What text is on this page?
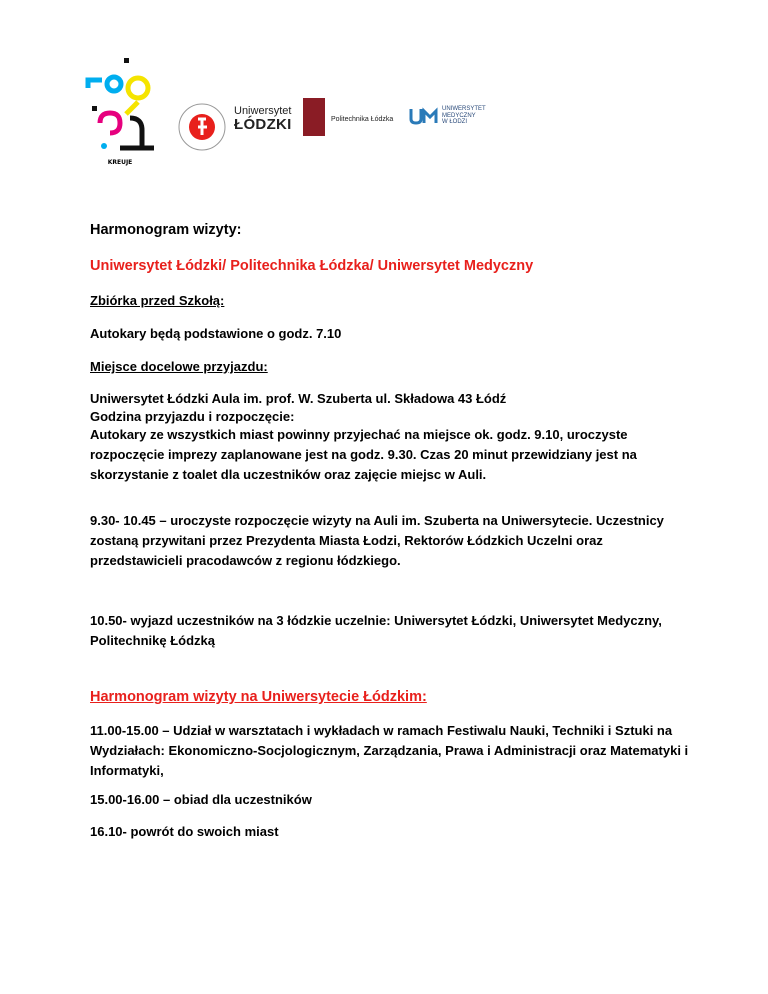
KREUJE
Uniwersytet
ŁÓDZKI	Politechnika Łódzka
UNIWERSYTET
MEDYCZNY
W ŁODZI

Harmonogram wizyty:

Uniwersytet Łódzki/ Politechnika Łódzka/ Uniwersytet Medyczny

Zbiórka przed Szkołą:

Autokary będą podstawione o godz. 7.10

Miejsce docelowe przyjazdu:

Uniwersytet Łódzki Aula im. prof. W. Szuberta ul. Składowa 43 Łódź

Godzina przyjazdu i rozpoczęcie:

Autokary ze wszystkich miast powinny przyjechać na miejsce ok. godz. 9.10, uroczyste rozpoczęcie imprezy zaplanowane jest na godz. 9.30. Czas 20 minut przewidziany jest na skorzystanie z toalet dla uczestników oraz zajęcie miejsc w Auli.

9.30- 10.45 – uroczyste rozpoczęcie wizyty na Auli im. Szuberta na Uniwersytecie. Uczestnicy zostaną przywitani przez Prezydenta Miasta Łodzi, Rektorów Łódzkich Uczelni oraz przedstawicieli pracodawców z regionu łódzkiego.

10.50- wyjazd uczestników na 3 łódzkie uczelnie: Uniwersytet Łódzki, Uniwersytet Medyczny, Politechnikę Łódzką

Harmonogram wizyty na Uniwersytecie Łódzkim:

11.00-15.00 – Udział w warsztatach i wykładach w ramach Festiwalu Nauki, Techniki i Sztuki na Wydziałach: Ekonomiczno-Socjologicznym, Zarządzania, Prawa i Administracji oraz Matematyki i Informatyki,

15.00-16.00 – obiad dla uczestników

16.10- powrót do swoich miast
